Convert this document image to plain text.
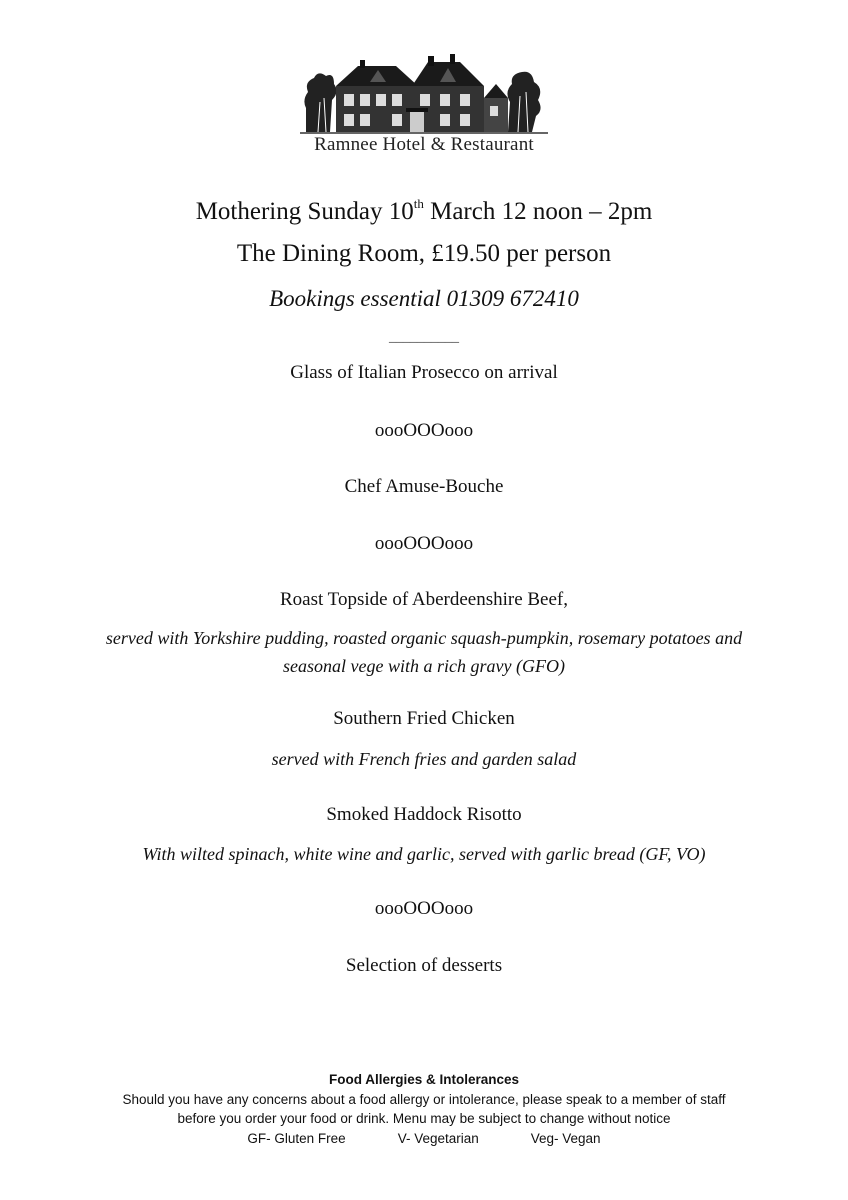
Ramnee Hotel & Restaurant
Mothering Sunday 10th March 12 noon – 2pm
The Dining Room, £19.50 per person
Bookings essential 01309 672410
__________
Glass of Italian Prosecco on arrival
oooOOOooo
Chef Amuse-Bouche
oooOOOooo
Roast Topside of Aberdeenshire Beef,
served with Yorkshire pudding, roasted organic squash-pumpkin, rosemary potatoes and
seasonal vege with a rich gravy (GFO)
Southern Fried Chicken
served with French fries and garden salad
Smoked Haddock Risotto
With wilted spinach, white wine and garlic, served with garlic bread (GF, VO)
oooOOOooo
Selection of desserts
Food Allergies & Intolerances
Should you have any concerns about a food allergy or intolerance, please speak to a member of staff
before you order your food or drink. Menu may be subject to change without notice
GF- Gluten Free	V- Vegetarian	Veg- Vegan
